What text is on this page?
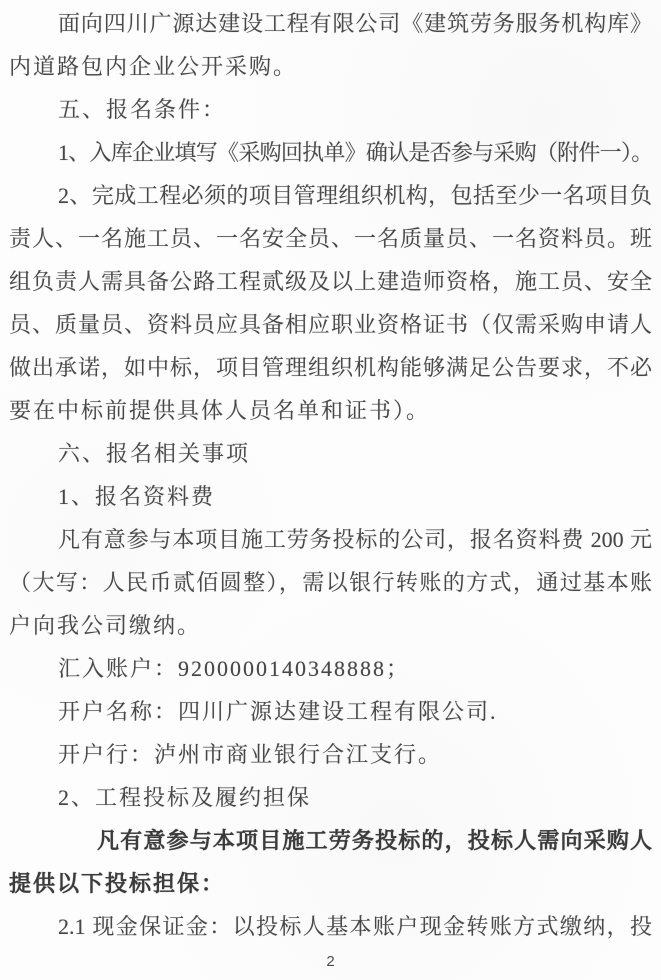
面向四川广源达建设工程有限公司《建筑劳务服务机构库》
内道路包内企业公开采购。
五、报名条件：
1、入库企业填写《采购回执单》确认是否参与采购（附件一）。
2、完成工程必须的项目管理组织机构，包括至少一名项目负
责人、一名施工员、一名安全员、一名质量员、一名资料员。班
组负责人需具备公路工程贰级及以上建造师资格，施工员、安全
员、质量员、资料员应具备相应职业资格证书（仅需采购申请人
做出承诺，如中标，项目管理组织机构能够满足公告要求，不必
要在中标前提供具体人员名单和证书）。
六、报名相关事项
1、报名资料费
凡有意参与本项目施工劳务投标的公司，报名资料费 200 元
（大写：人民币贰佰圆整），需以银行转账的方式，通过基本账
户向我公司缴纳。
汇入账户：9200000140348888；
开户名称：四川广源达建设工程有限公司.
开户行：泸州市商业银行合江支行。
2、工程投标及履约担保
凡有意参与本项目施工劳务投标的，投标人需向采购人
提供以下投标担保：
2.1 现金保证金：以投标人基本账户现金转账方式缴纳，投
2
